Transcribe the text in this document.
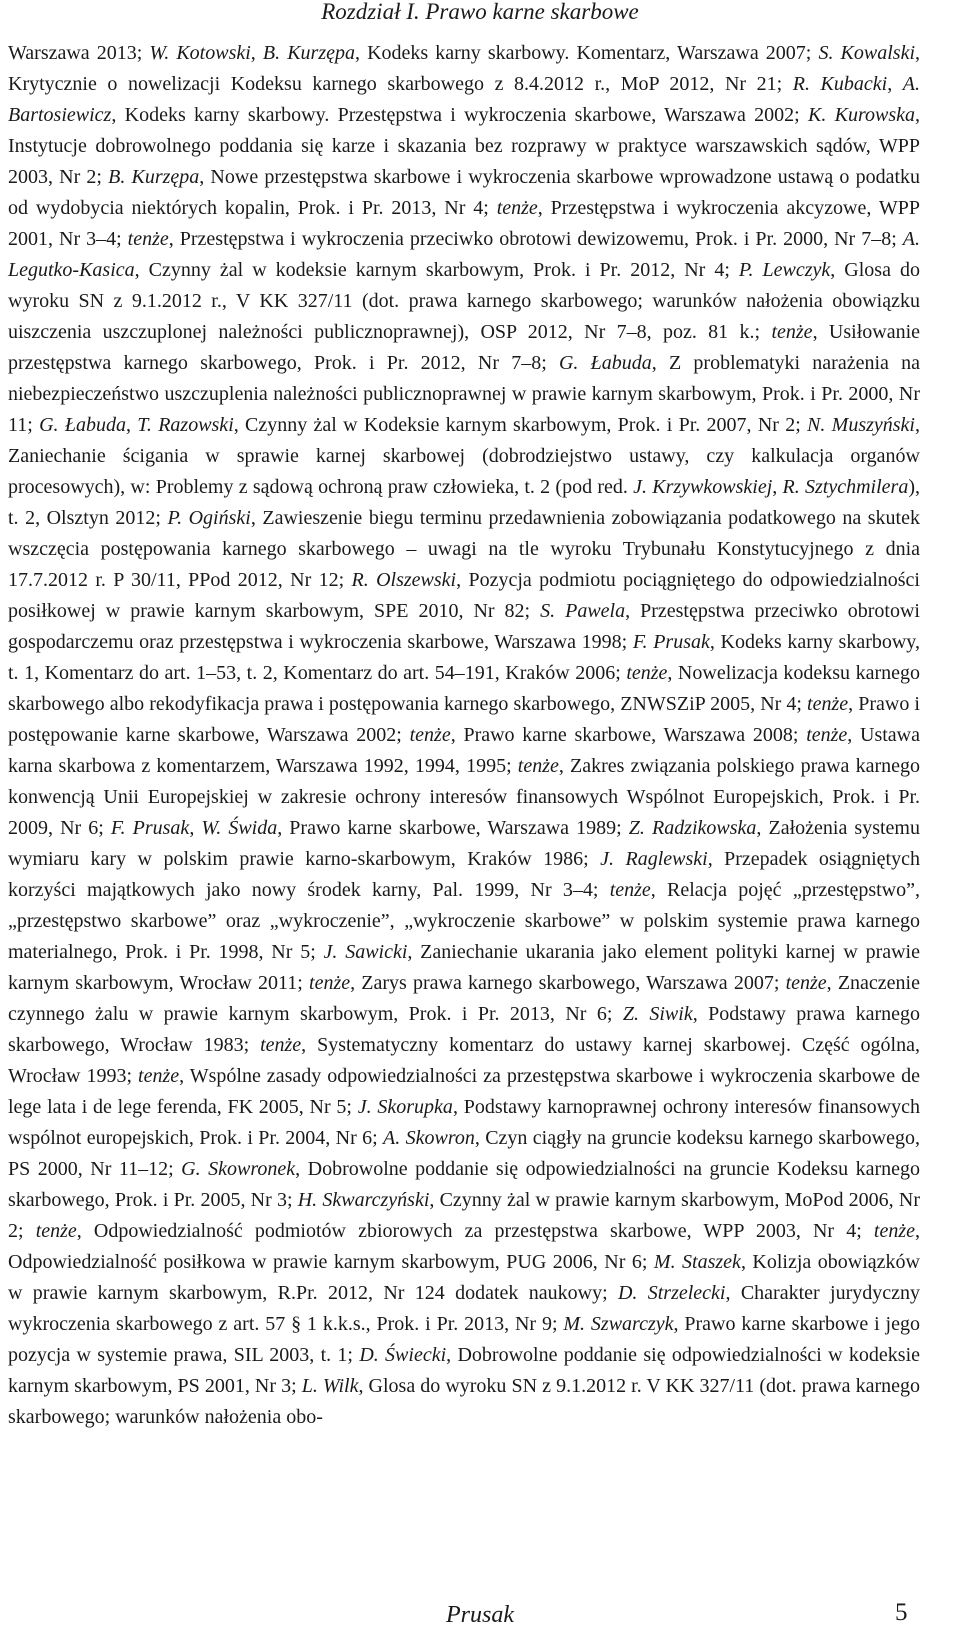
Rozdział I. Prawo karne skarbowe

Warszawa 2013; W. Kotowski, B. Kurzępa, Kodeks karny skarbowy. Komentarz, Warszawa 2007; S. Kowalski, Krytycznie o nowelizacji Kodeksu karnego skarbowego z 8.4.2012 r., MoP 2012, Nr 21; R. Kubacki, A. Bartosiewicz, Kodeks karny skarbowy. Przestępstwa i wykroczenia skarbowe, Warszawa 2002; K. Kurowska, Instytucje dobrowolnego poddania się karze i skazania bez rozprawy w praktyce warszawskich sądów, WPP 2003, Nr 2; B. Kurzępa, Nowe przestępstwa skarbowe i wykroczenia skarbowe wprowadzone ustawą o podatku od wydobycia niektórych kopalin, Prok. i Pr. 2013, Nr 4; tenże, Przestępstwa i wykroczenia akcyzowe, WPP 2001, Nr 3–4; tenże, Przestępstwa i wykroczenia przeciwko obrotowi dewizowemu, Prok. i Pr. 2000, Nr 7–8; A. Legutko-Kasica, Czynny żal w kodeksie karnym skarbowym, Prok. i Pr. 2012, Nr 4; P. Lewczyk, Glosa do wyroku SN z 9.1.2012 r., V KK 327/11 (dot. prawa karnego skarbowego; warunków nałożenia obowiązku uiszczenia uszczuplonej należności publicznoprawnej), OSP 2012, Nr 7–8, poz. 81 k.; tenże, Usiłowanie przestępstwa karnego skarbowego, Prok. i Pr. 2012, Nr 7–8; G. Łabuda, Z problematyki narażenia na niebezpieczeństwo uszczuplenia należności publicznoprawnej w prawie karnym skarbowym, Prok. i Pr. 2000, Nr 11; G. Łabuda, T. Razowski, Czynny żal w Kodeksie karnym skarbowym, Prok. i Pr. 2007, Nr 2; N. Muszyński, Zaniechanie ścigania w sprawie karnej skarbowej (dobrodziejstwo ustawy, czy kalkulacja organów procesowych), w: Problemy z sądową ochroną praw człowieka, t. 2 (pod red. J. Krzywkowskiej, R. Sztychmilera), t. 2, Olsztyn 2012; P. Ogiński, Zawieszenie biegu terminu przedawnienia zobowiązania podatkowego na skutek wszczęcia postępowania karnego skarbowego – uwagi na tle wyroku Trybunału Konstytucyjnego z dnia 17.7.2012 r. P 30/11, PPod 2012, Nr 12; R. Olszewski, Pozycja podmiotu pociągniętego do odpowiedzialności posiłkowej w prawie karnym skarbowym, SPE 2010, Nr 82; S. Pawela, Przestępstwa przeciwko obrotowi gospodarczemu oraz przestępstwa i wykroczenia skarbowe, Warszawa 1998; F. Prusak, Kodeks karny skarbowy, t. 1, Komentarz do art. 1–53, t. 2, Komentarz do art. 54–191, Kraków 2006; tenże, Nowelizacja kodeksu karnego skarbowego albo rekodyfikacja prawa i postępowania karnego skarbowego, ZNWSZiP 2005, Nr 4; tenże, Prawo i postępowanie karne skarbowe, Warszawa 2002; tenże, Prawo karne skarbowe, Warszawa 2008; tenże, Ustawa karna skarbowa z komentarzem, Warszawa 1992, 1994, 1995; tenże, Zakres związania polskiego prawa karnego konwencją Unii Europejskiej w zakresie ochrony interesów finansowych Wspólnot Europejskich, Prok. i Pr. 2009, Nr 6; F. Prusak, W. Świda, Prawo karne skarbowe, Warszawa 1989; Z. Radzikowska, Założenia systemu wymiaru kary w polskim prawie karno-skarbowym, Kraków 1986; J. Raglewski, Przepadek osiągniętych korzyści majątkowych jako nowy środek karny, Pal. 1999, Nr 3–4; tenże, Relacja pojęć „przestępstwo”, „przestępstwo skarbowe” oraz „wykroczenie”, „wykroczenie skarbowe” w polskim systemie prawa karnego materialnego, Prok. i Pr. 1998, Nr 5; J. Sawicki, Zaniechanie ukarania jako element polityki karnej w prawie karnym skarbowym, Wrocław 2011; tenże, Zarys prawa karnego skarbowego, Warszawa 2007; tenże, Znaczenie czynnego żalu w prawie karnym skarbowym, Prok. i Pr. 2013, Nr 6; Z. Siwik, Podstawy prawa karnego skarbowego, Wrocław 1983; tenże, Systematyczny komentarz do ustawy karnej skarbowej. Część ogólna, Wrocław 1993; tenże, Wspólne zasady odpowiedzialności za przestępstwa skarbowe i wykroczenia skarbowe de lege lata i de lege ferenda, FK 2005, Nr 5; J. Skorupka, Podstawy karnoprawnej ochrony interesów finansowych wspólnot europejskich, Prok. i Pr. 2004, Nr 6; A. Skowron, Czyn ciągły na gruncie kodeksu karnego skarbowego, PS 2000, Nr 11–12; G. Skowronek, Dobrowolne poddanie się odpowiedzialności na gruncie Kodeksu karnego skarbowego, Prok. i Pr. 2005, Nr 3; H. Skwarczyński, Czynny żal w prawie karnym skarbowym, MoPod 2006, Nr 2; tenże, Odpowiedzialność podmiotów zbiorowych za przestępstwa skarbowe, WPP 2003, Nr 4; tenże, Odpowiedzialność posiłkowa w prawie karnym skarbowym, PUG 2006, Nr 6; M. Staszek, Kolizja obowiązków w prawie karnym skarbowym, R.Pr. 2012, Nr 124 dodatek naukowy; D. Strzelecki, Charakter jurydyczny wykroczenia skarbowego z art. 57 § 1 k.k.s., Prok. i Pr. 2013, Nr 9; M. Szwarczyk, Prawo karne skarbowe i jego pozycja w systemie prawa, SIL 2003, t. 1; D. Świecki, Dobrowolne poddanie się odpowiedzialności w kodeksie karnym skarbowym, PS 2001, Nr 3; L. Wilk, Glosa do wyroku SN z 9.1.2012 r. V KK 327/11 (dot. prawa karnego skarbowego; warunków nałożenia obo-

Prusak	5
